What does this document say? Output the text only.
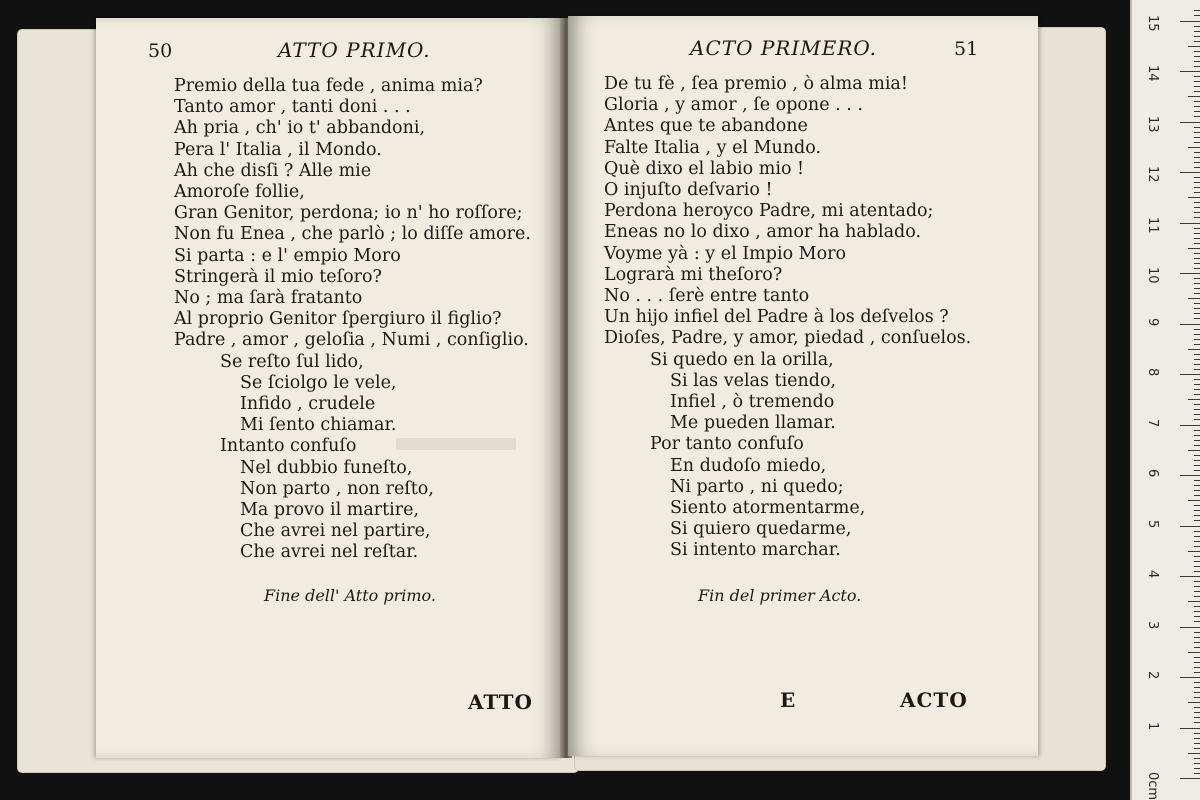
50	ATTO PRIMO.
Premio della tua fede , anima mia?
Tanto amor , tanti doni . . .
Ah pria , ch' io t' abbandoni,
Pera l' Italia , il Mondo.
Ah che disſi ? Alle mie
Amoroſe follie,
Gran Genitor, perdona; io n' ho roſſore;
Non fu Enea , che parlò ; lo diſſe amore.
Si parta : e l' empio Moro
Stringerà il mio teſoro?
No ; ma ſarà fratanto
Al proprio Genitor ſpergiuro il figlio?
Padre , amor , geloſia , Numi , conſiglio.
Se reſto ſul lido,
Se ſciolgo le vele,
Infido , crudele
Mi ſento chiamar.
Intanto confuſo
Nel dubbio funeſto,
Non parto , non reſto,
Ma provo il martire,
Che avrei nel partire,
Che avrei nel reſtar.
Fine dell' Atto primo.
ATTO
ACTO PRIMERO.	51
De tu fè , ſea premio , ò alma mia!
Gloria , y amor , ſe opone . . .
Antes que te abandone
Falte Italia , y el Mundo.
Què dixo el labio mio !
O injuſto deſvario !
Perdona heroyco Padre, mi atentado;
Eneas no lo dixo , amor ha hablado.
Voyme yà : y el Impio Moro
Lograrà mi theſoro?
No . . . ſerè entre tanto
Un hijo infiel del Padre à los deſvelos ?
Dioſes, Padre, y amor, piedad , conſuelos.
Si quedo en la orilla,
Si las velas tiendo,
Infiel , ò tremendo
Me pueden llamar.
Por tanto confuſo
En dudoſo miedo,
Ni parto , ni quedo;
Siento atormentarme,
Si quiero quedarme,
Si intento marchar.
Fin del primer Acto.
E	ACTO
0cm
1
2
3
4
5
6
7
8
9
10
11
12
13
14
15
